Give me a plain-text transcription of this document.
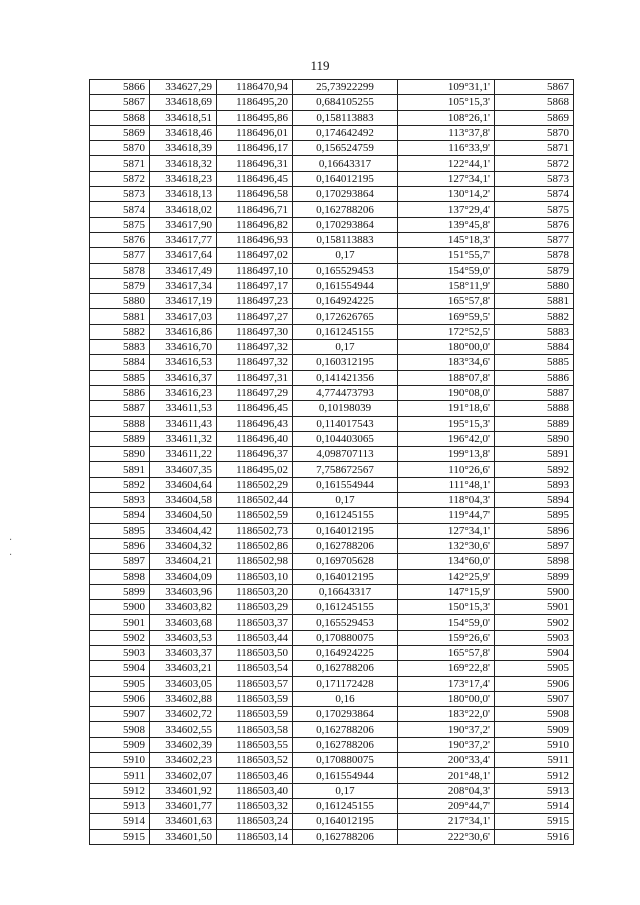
119
·
·
5866	334627,29	1186470,94	25,73922299	109°31,1'	5867
5867	334618,69	1186495,20	0,684105255	105°15,3'	5868
5868	334618,51	1186495,86	0,158113883	108°26,1'	5869
5869	334618,46	1186496,01	0,174642492	113°37,8'	5870
5870	334618,39	1186496,17	0,156524759	116°33,9'	5871
5871	334618,32	1186496,31	0,16643317	122°44,1'	5872
5872	334618,23	1186496,45	0,164012195	127°34,1'	5873
5873	334618,13	1186496,58	0,170293864	130°14,2'	5874
5874	334618,02	1186496,71	0,162788206	137°29,4'	5875
5875	334617,90	1186496,82	0,170293864	139°45,8'	5876
5876	334617,77	1186496,93	0,158113883	145°18,3'	5877
5877	334617,64	1186497,02	0,17	151°55,7'	5878
5878	334617,49	1186497,10	0,165529453	154°59,0'	5879
5879	334617,34	1186497,17	0,161554944	158°11,9'	5880
5880	334617,19	1186497,23	0,164924225	165°57,8'	5881
5881	334617,03	1186497,27	0,172626765	169°59,5'	5882
5882	334616,86	1186497,30	0,161245155	172°52,5'	5883
5883	334616,70	1186497,32	0,17	180°00,0'	5884
5884	334616,53	1186497,32	0,160312195	183°34,6'	5885
5885	334616,37	1186497,31	0,141421356	188°07,8'	5886
5886	334616,23	1186497,29	4,774473793	190°08,0'	5887
5887	334611,53	1186496,45	0,10198039	191°18,6'	5888
5888	334611,43	1186496,43	0,114017543	195°15,3'	5889
5889	334611,32	1186496,40	0,104403065	196°42,0'	5890
5890	334611,22	1186496,37	4,098707113	199°13,8'	5891
5891	334607,35	1186495,02	7,758672567	110°26,6'	5892
5892	334604,64	1186502,29	0,161554944	111°48,1'	5893
5893	334604,58	1186502,44	0,17	118°04,3'	5894
5894	334604,50	1186502,59	0,161245155	119°44,7'	5895
5895	334604,42	1186502,73	0,164012195	127°34,1'	5896
5896	334604,32	1186502,86	0,162788206	132°30,6'	5897
5897	334604,21	1186502,98	0,169705628	134°60,0'	5898
5898	334604,09	1186503,10	0,164012195	142°25,9'	5899
5899	334603,96	1186503,20	0,16643317	147°15,9'	5900
5900	334603,82	1186503,29	0,161245155	150°15,3'	5901
5901	334603,68	1186503,37	0,165529453	154°59,0'	5902
5902	334603,53	1186503,44	0,170880075	159°26,6'	5903
5903	334603,37	1186503,50	0,164924225	165°57,8'	5904
5904	334603,21	1186503,54	0,162788206	169°22,8'	5905
5905	334603,05	1186503,57	0,171172428	173°17,4'	5906
5906	334602,88	1186503,59	0,16	180°00,0'	5907
5907	334602,72	1186503,59	0,170293864	183°22,0'	5908
5908	334602,55	1186503,58	0,162788206	190°37,2'	5909
5909	334602,39	1186503,55	0,162788206	190°37,2'	5910
5910	334602,23	1186503,52	0,170880075	200°33,4'	5911
5911	334602,07	1186503,46	0,161554944	201°48,1'	5912
5912	334601,92	1186503,40	0,17	208°04,3'	5913
5913	334601,77	1186503,32	0,161245155	209°44,7'	5914
5914	334601,63	1186503,24	0,164012195	217°34,1'	5915
5915	334601,50	1186503,14	0,162788206	222°30,6'	5916
